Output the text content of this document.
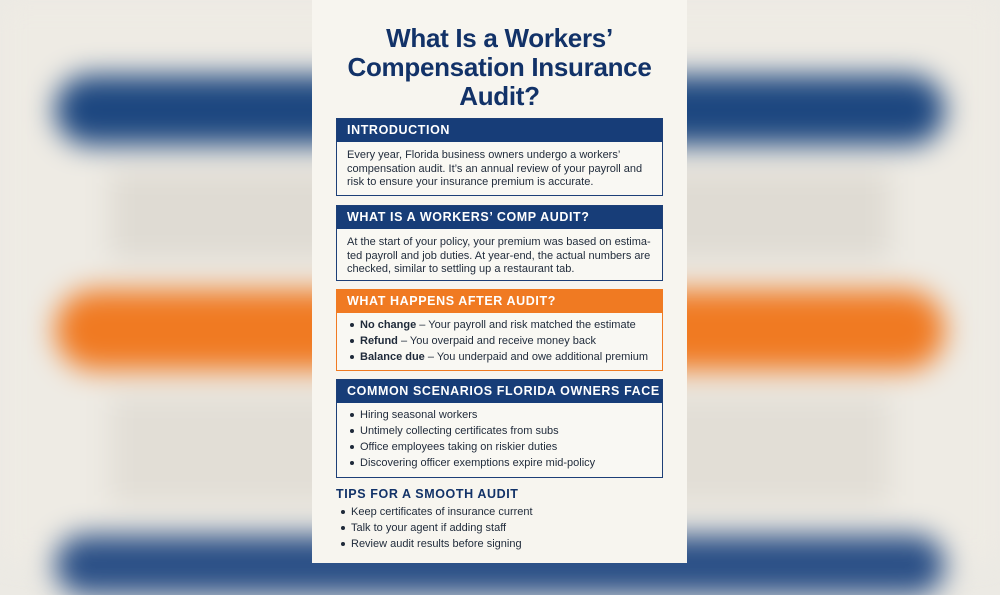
What Is a Workers’
Compensation Insurance
Audit?
INTRODUCTION
Every year, Florida business owners undergo a workers’ compensation audit. It’s an annual review of your payroll and risk to ensure your insurance premium is accurate.
WHAT IS A WORKERS’ COMP AUDIT?
At the start of your policy, your premium was based on estima-ted payroll and job duties. At year-end, the actual numbers are checked, similar to settling up a restaurant tab.
WHAT HAPPENS AFTER AUDIT?
No change – Your payroll and risk matched the estimate
Refund – You overpaid and receive money back
Balance due – You underpaid and owe additional premium
COMMON SCENARIOS FLORIDA OWNERS FACE
Hiring seasonal workers
Untimely collecting certificates from subs
Office employees taking on riskier duties
Discovering officer exemptions expire mid-policy
TIPS FOR A SMOOTH AUDIT
Keep certificates of insurance current
Talk to your agent if adding staff
Review audit results before signing
